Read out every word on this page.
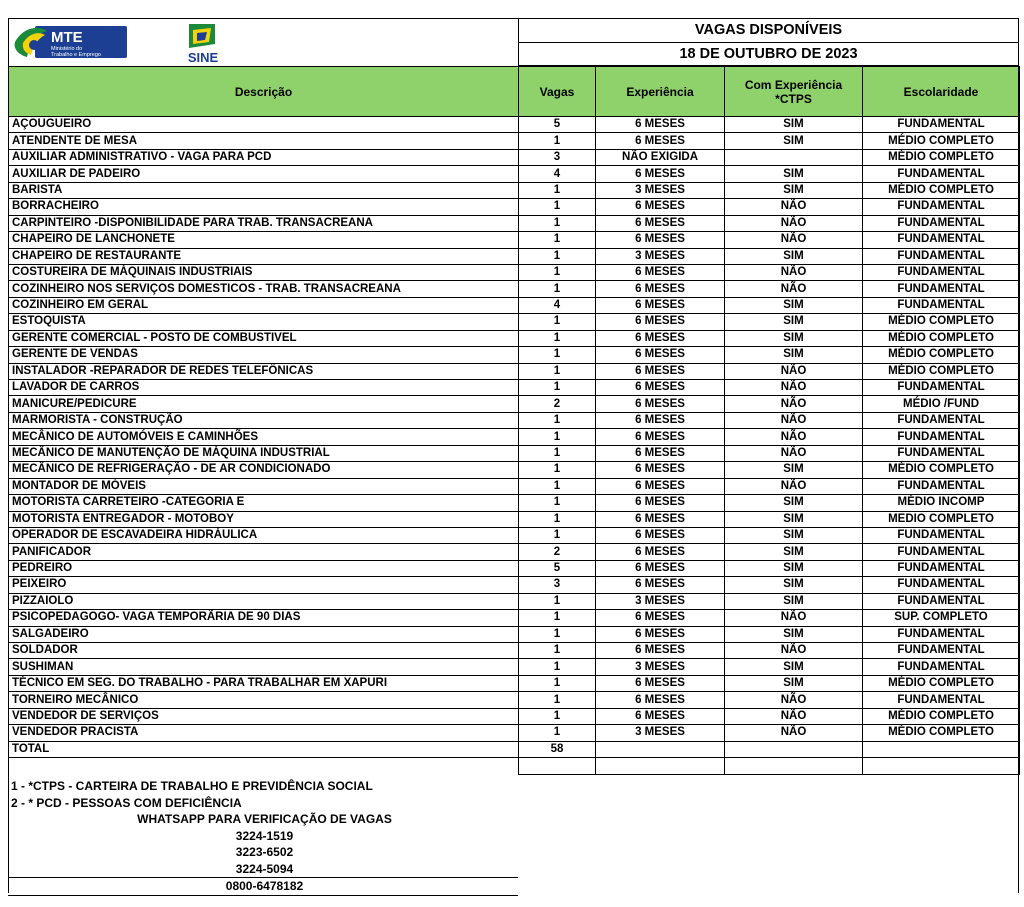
MTE
Ministério do
Trabalho e Emprego	SINE
VAGAS DISPONÍVEIS
18 DE OUTUBRO DE 2023
Descrição	Vagas	Experiência	Com Experiência
*CTPS	Escolaridade
AÇOUGUEIRO	5	6 MESES	SIM	FUNDAMENTAL
ATENDENTE DE MESA	1	6 MESES	SIM	MÉDIO COMPLETO
AUXILIAR ADMINISTRATIVO - VAGA PARA PCD	3	NÃO EXIGIDA		MÉDIO COMPLETO
AUXILIAR DE PADEIRO	4	6 MESES	SIM	FUNDAMENTAL
BARISTA	1	3 MESES	SIM	MÉDIO COMPLETO
BORRACHEIRO	1	6 MESES	NÃO	FUNDAMENTAL
CARPINTEIRO -DISPONIBILIDADE PARA TRAB. TRANSACREANA	1	6 MESES	NÃO	FUNDAMENTAL
CHAPEIRO DE LANCHONETE	1	6 MESES	NÃO	FUNDAMENTAL
CHAPEIRO DE RESTAURANTE	1	3 MESES	SIM	FUNDAMENTAL
COSTUREIRA DE MÁQUINAIS INDUSTRIAIS	1	6 MESES	NÃO	FUNDAMENTAL
COZINHEIRO NOS SERVIÇOS DOMESTICOS - TRAB. TRANSACREANA	1	6 MESES	NÃO	FUNDAMENTAL
COZINHEIRO EM GERAL	4	6 MESES	SIM	FUNDAMENTAL
ESTOQUISTA	1	6 MESES	SIM	MÉDIO COMPLETO
GERENTE COMERCIAL - POSTO DE COMBUSTIVEL	1	6 MESES	SIM	MÉDIO COMPLETO
GERENTE DE VENDAS	1	6 MESES	SIM	MÉDIO COMPLETO
INSTALADOR -REPARADOR DE REDES TELEFÔNICAS	1	6 MESES	NÃO	MÉDIO COMPLETO
LAVADOR DE CARROS	1	6 MESES	NÃO	FUNDAMENTAL
MANICURE/PEDICURE	2	6 MESES	NÃO	MÉDIO /FUND
MARMORISTA - CONSTRUÇÃO	1	6 MESES	NÃO	FUNDAMENTAL
MECÂNICO DE AUTOMÓVEIS E CAMINHÕES	1	6 MESES	NÃO	FUNDAMENTAL
MECÂNICO DE MANUTENÇÃO DE MÁQUINA INDUSTRIAL	1	6 MESES	NÃO	FUNDAMENTAL
MECÂNICO DE REFRIGERAÇÃO - DE AR CONDICIONADO	1	6 MESES	SIM	MÉDIO COMPLETO
MONTADOR DE MÓVEIS	1	6 MESES	NÃO	FUNDAMENTAL
MOTORISTA CARRETEIRO -CATEGORIA E	1	6 MESES	SIM	MÉDIO INCOMP
MOTORISTA ENTREGADOR - MOTOBOY	1	6 MESES	SIM	MEDIO COMPLETO
OPERADOR DE ESCAVADEIRA HIDRÁULICA	1	6 MESES	SIM	FUNDAMENTAL
PANIFICADOR	2	6 MESES	SIM	FUNDAMENTAL
PEDREIRO	5	6 MESES	SIM	FUNDAMENTAL
PEIXEIRO	3	6 MESES	SIM	FUNDAMENTAL
PIZZAIOLO	1	3 MESES	SIM	FUNDAMENTAL
PSICOPEDAGOGO- VAGA TEMPORÃRIA DE 90 DIAS	1	6 MESES	NÃO	SUP. COMPLETO
SALGADEIRO	1	6 MESES	SIM	FUNDAMENTAL
SOLDADOR	1	6 MESES	NÃO	FUNDAMENTAL
SUSHIMAN	1	3 MESES	SIM	FUNDAMENTAL
TÉCNICO EM SEG. DO TRABALHO - PARA TRABALHAR EM XAPURI	1	6 MESES	SIM	MÉDIO COMPLETO
TORNEIRO MECÂNICO	1	6 MESES	NÃO	FUNDAMENTAL
VENDEDOR DE SERVIÇOS	1	6 MESES	NÃO	MÉDIO COMPLETO
VENDEDOR PRACISTA	1	3 MESES	NÃO	MÉDIO COMPLETO
TOTAL	58			

1 - *CTPS - CARTEIRA DE TRABALHO E PREVIDÊNCIA SOCIAL
2 - * PCD - PESSOAS COM DEFICIÊNCIA
WHATSAPP PARA VERIFICAÇÃO DE VAGAS
3224-1519
3223-6502
3224-5094
0800-6478182
